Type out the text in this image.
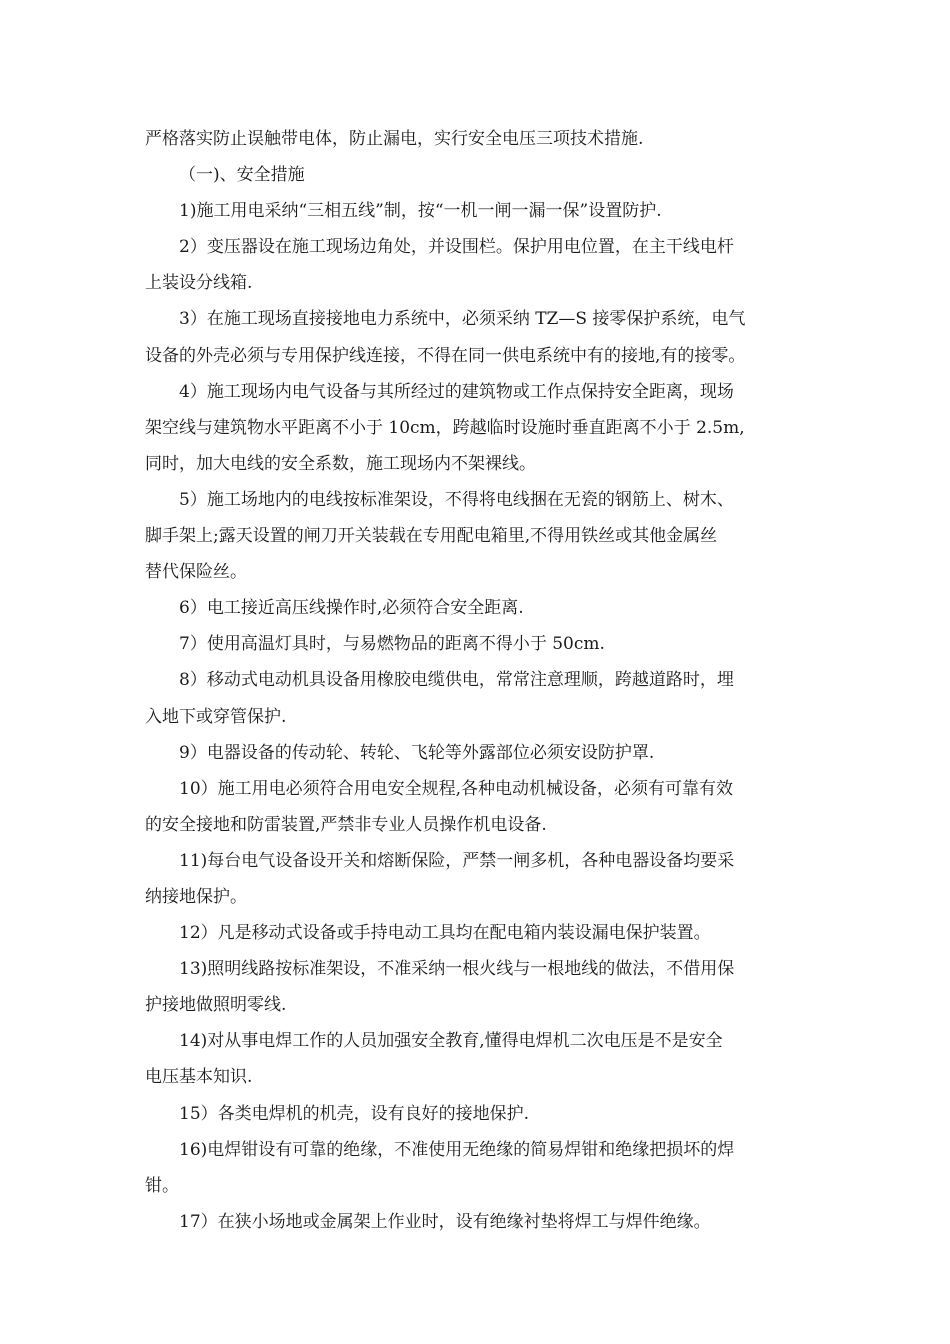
严格落实防止误触带电体，防止漏电，实行安全电压三项技术措施.
（一)、安全措施
1)施工用电采纳“三相五线”制，按“一机一闸一漏一保”设置防护.
2）变压器设在施工现场边角处，并设围栏。保护用电位置，在主干线电杆
上装设分线箱.
3）在施工现场直接接地电力系统中，必须采纳 TZ—S 接零保护系统，电气
设备的外壳必须与专用保护线连接，不得在同一供电系统中有的接地,有的接零。
4）施工现场内电气设备与其所经过的建筑物或工作点保持安全距离，现场
架空线与建筑物水平距离不小于 10cm，跨越临时设施时垂直距离不小于 2.5m,
同时，加大电线的安全系数，施工现场内不架裸线。
5）施工场地内的电线按标准架设，不得将电线捆在无瓷的钢筋上、树木、
脚手架上;露天设置的闸刀开关装载在专用配电箱里,不得用铁丝或其他金属丝
替代保险丝。
6）电工接近高压线操作时,必须符合安全距离.
7）使用高温灯具时，与易燃物品的距离不得小于 50cm.
8）移动式电动机具设备用橡胶电缆供电，常常注意理顺，跨越道路时，埋
入地下或穿管保护.
9）电器设备的传动轮、转轮、飞轮等外露部位必须安设防护罩.
10）施工用电必须符合用电安全规程,各种电动机械设备，必须有可靠有效
的安全接地和防雷装置,严禁非专业人员操作机电设备.
11)每台电气设备设开关和熔断保险，严禁一闸多机，各种电器设备均要采
纳接地保护。
12）凡是移动式设备或手持电动工具均在配电箱内装设漏电保护装置。
13)照明线路按标准架设，不准采纳一根火线与一根地线的做法，不借用保
护接地做照明零线.
14)对从事电焊工作的人员加强安全教育,懂得电焊机二次电压是不是安全
电压基本知识.
15）各类电焊机的机壳，设有良好的接地保护.
16)电焊钳设有可靠的绝缘，不准使用无绝缘的简易焊钳和绝缘把损坏的焊
钳。
17）在狭小场地或金属架上作业时，设有绝缘衬垫将焊工与焊件绝缘。
